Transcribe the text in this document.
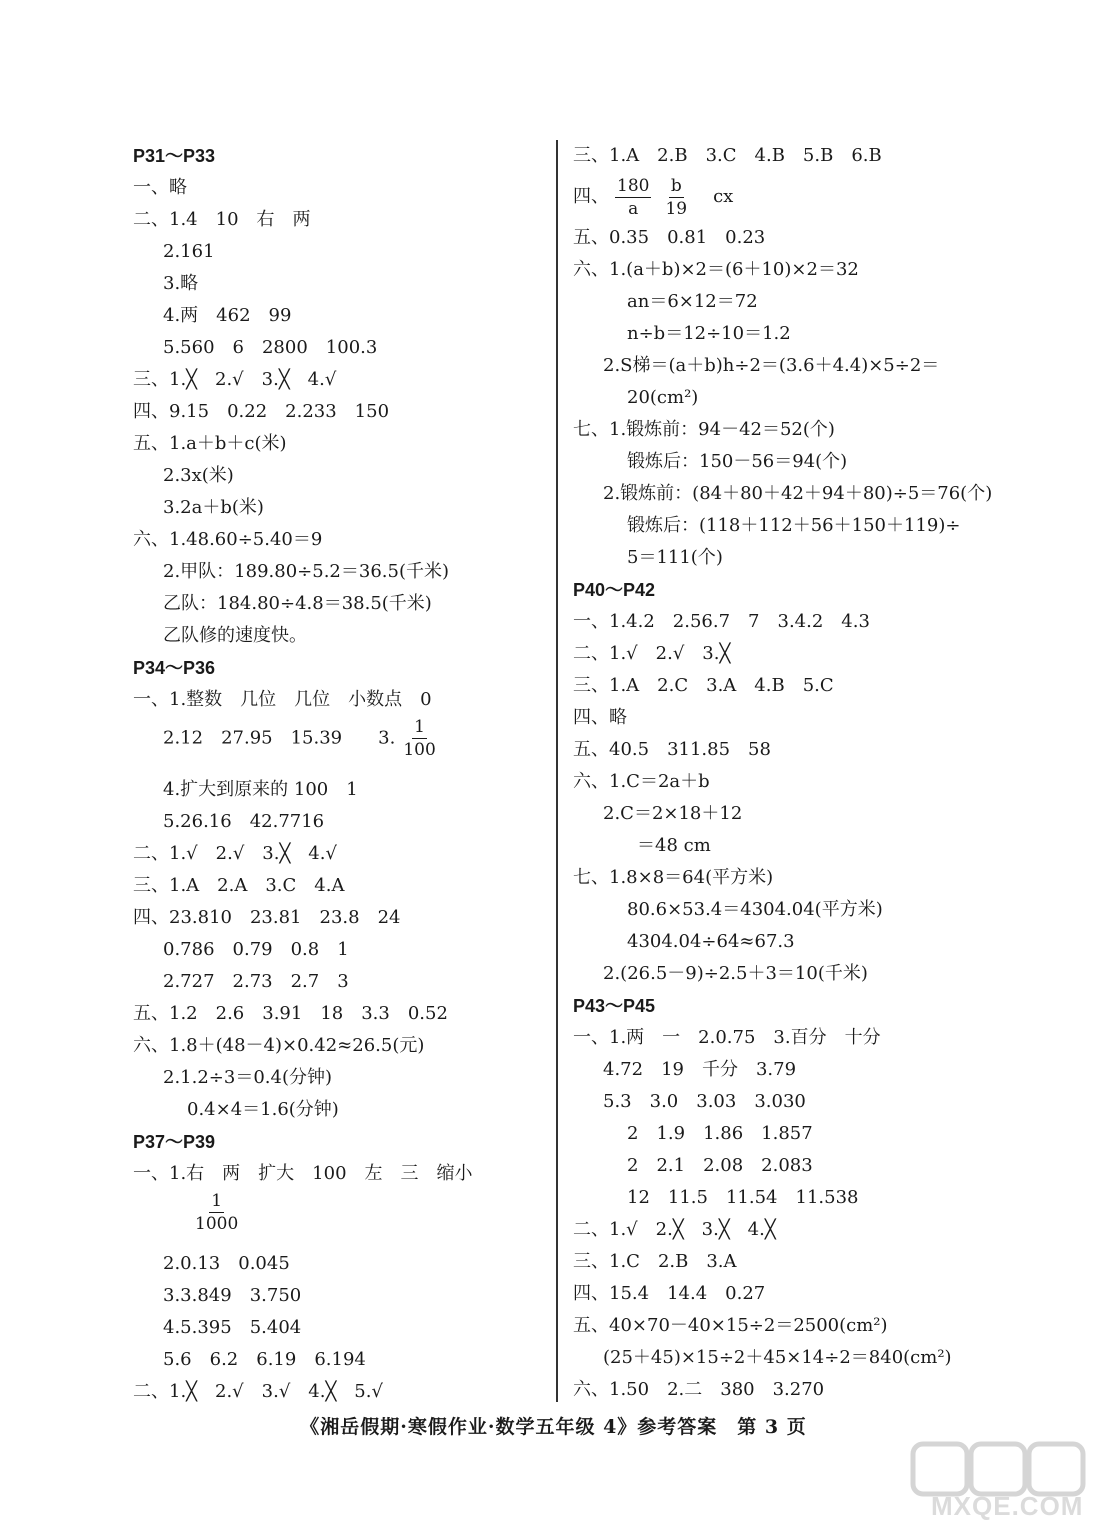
P31～P33
一、略
二、1.4　10　右　两
2.161
3.略
4.两　462　99
5.560　6　2800　100.3
三、1.╳　2.√　3.╳　4.√
四、9.15　0.22　2.233　150
五、1.a＋b＋c(米)
2.3x(米)
3.2a＋b(米)
六、1.48.60÷5.40＝9
2.甲队：189.80÷5.2＝36.5(千米)
乙队：184.80÷4.8＝38.5(千米)
乙队修的速度快。
P34～P36
一、1.整数　几位　几位　小数点　0
2.12　27.95　15.39　　3. $\frac{1}{100}$
4.扩大到原来的 100　1
5.26.16　42.7716
二、1.√　2.√　3.╳　4.√
三、1.A　2.A　3.C　4.A
四、23.810　23.81　23.8　24
0.786　0.79　0.8　1
2.727　2.73　2.7　3
五、1.2　2.6　3.91　18　3.3　0.52
六、1.8＋(48－4)×0.42≈26.5(元)
2.1.2÷3＝0.4(分钟)
0.4×4＝1.6(分钟)
P37～P39
一、1.右　两　扩大　100　左　三　缩小
$\frac{1}{1000}$
2.0.13　0.045
3.3.849　3.750
4.5.395　5.404
5.6　6.2　6.19　6.194
二、1.╳　2.√　3.√　4.╳　5.√
三、1.A　2.B　3.C　4.B　5.B　6.B
四、 $\frac{180}{a} \frac{b}{19}$ 　cx
五、0.35　0.81　0.23
六、1.(a＋b)×2＝(6＋10)×2＝32
an＝6×12＝72
n÷b＝12÷10＝1.2
2.S梯＝(a＋b)h÷2＝(3.6＋4.4)×5÷2＝
20(cm²)
七、1.锻炼前：94－42＝52(个)
锻炼后：150－56＝94(个)
2.锻炼前：(84＋80＋42＋94＋80)÷5＝76(个)
锻炼后：(118＋112＋56＋150＋119)÷
5＝111(个)
P40～P42
一、1.4.2　2.56.7　7　3.4.2　4.3
二、1.√　2.√　3.╳
三、1.A　2.C　3.A　4.B　5.C
四、略
五、40.5　311.85　58
六、1.C＝2a＋b
2.C＝2×18＋12
＝48 cm
七、1.8×8＝64(平方米)
80.6×53.4＝4304.04(平方米)
4304.04÷64≈67.3
2.(26.5－9)÷2.5＋3＝10(千米)
P43～P45
一、1.两　一　2.0.75　3.百分　十分
4.72　19　千分　3.79
5.3　3.0　3.03　3.030
2　1.9　1.86　1.857
2　2.1　2.08　2.083
12　11.5　11.54　11.538
二、1.√　2.╳　3.╳　4.╳
三、1.C　2.B　3.A
四、15.4　14.4　0.27
五、40×70－40×15÷2＝2500(cm²)
(25＋45)×15÷2＋45×14÷2＝840(cm²)
六、1.50　2.二　380　3.270
《湘岳假期·寒假作业·数学五年级 4》参考答案　第 3 页
MXQE.COM
